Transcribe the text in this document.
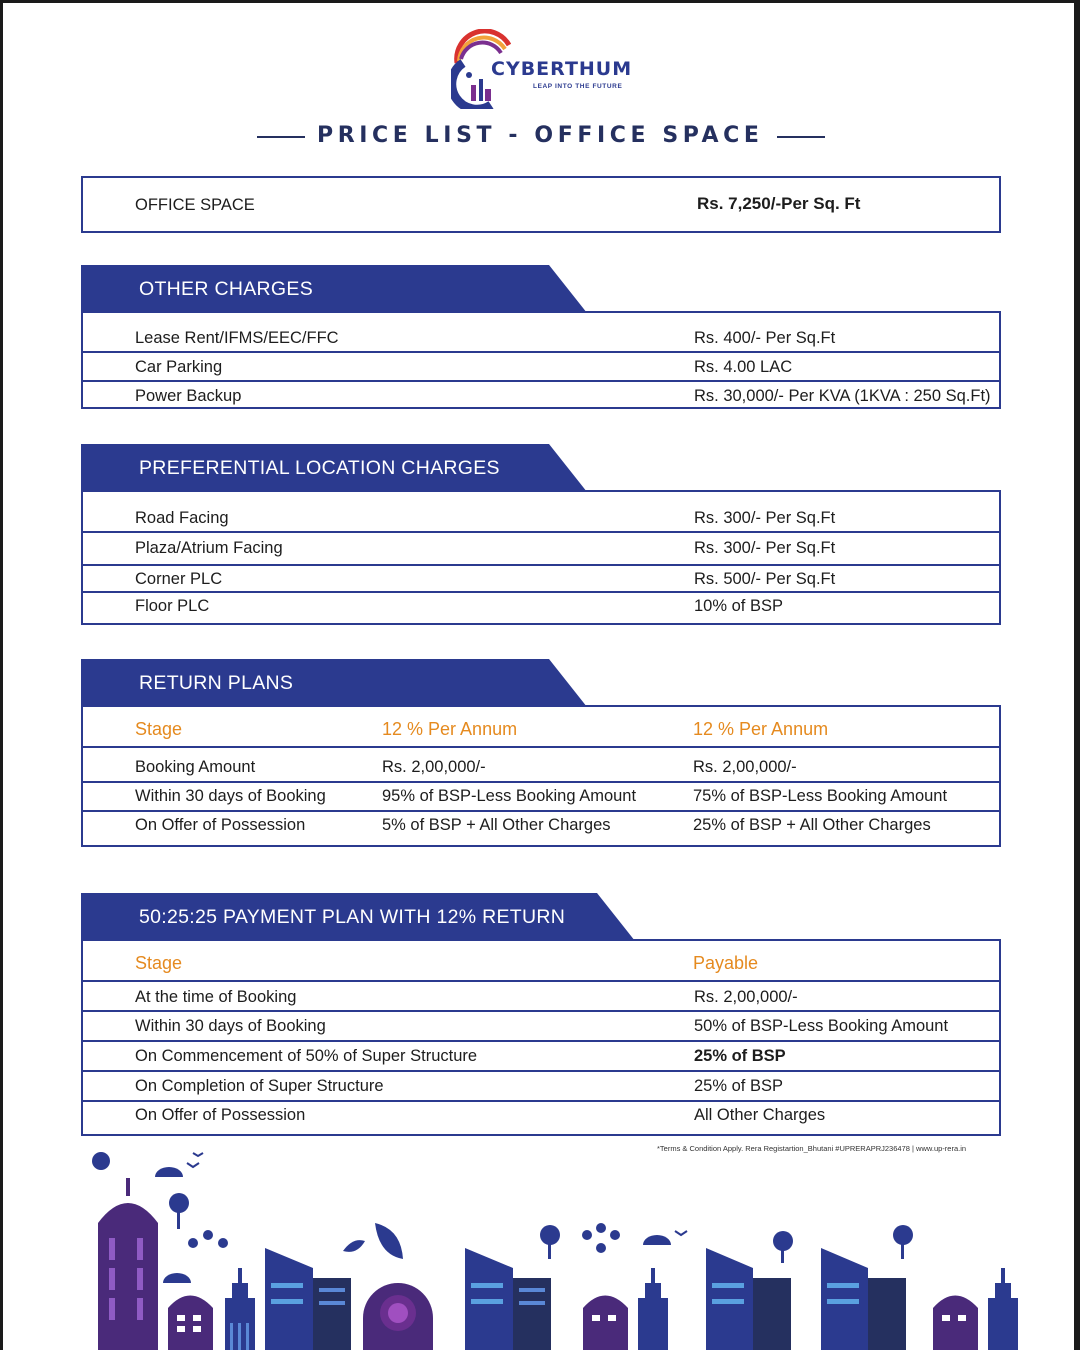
CYBERTHUM
LEAP INTO THE FUTURE
PRICE LIST - OFFICE SPACE
OFFICE SPACE	Rs. 7,250/-Per Sq. Ft
OTHER CHARGES
Lease Rent/IFMS/EEC/FFC	Rs. 400/- Per Sq.Ft
Car Parking	Rs. 4.00 LAC
Power Backup	Rs. 30,000/- Per KVA (1KVA : 250 Sq.Ft)
PREFERENTIAL LOCATION CHARGES
Road Facing	Rs. 300/- Per Sq.Ft
Plaza/Atrium Facing	Rs. 300/- Per Sq.Ft
Corner PLC	Rs. 500/- Per Sq.Ft
Floor PLC	10% of BSP
RETURN PLANS
Stage	12 % Per Annum	12 % Per Annum
Booking Amount	Rs. 2,00,000/-	Rs. 2,00,000/-
Within 30 days of Booking	95% of BSP-Less Booking Amount	75% of BSP-Less Booking Amount
On Offer of Possession	5% of BSP + All Other Charges	25% of BSP + All Other Charges
50:25:25 PAYMENT PLAN WITH 12% RETURN
Stage	Payable
At the time of Booking	Rs. 2,00,000/-
Within 30 days of Booking	50% of BSP-Less Booking Amount
On Commencement of 50% of Super Structure	25% of BSP
On Completion of Super Structure	25% of BSP
On Offer of Possession	All Other Charges
*Terms & Condition Apply. Rera Registartion_Bhutani #UPRERAPRJ236478 | www.up-rera.in
